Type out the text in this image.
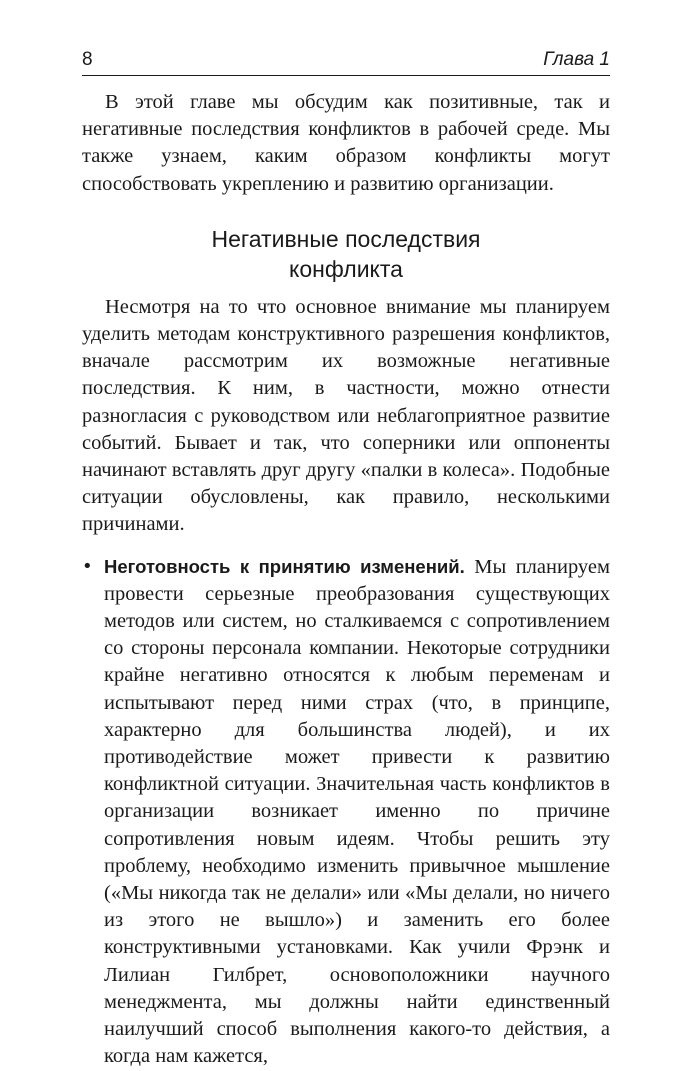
8	Глава 1

В этой главе мы обсудим как позитивные, так и негативные последствия конфликтов в рабочей среде. Мы также узнаем, каким образом конфликты могут способствовать укреплению и развитию организации.

Негативные последствия
конфликта

Несмотря на то что основное внимание мы планируем уделить методам конструктивного разрешения конфликтов, вначале рассмотрим их возможные негативные последствия. К ним, в частности, можно отнести разногласия с руководством или неблагоприятное развитие событий. Бывает и так, что соперники или оппоненты начинают вставлять друг другу «палки в колеса». Подобные ситуации обусловлены, как правило, несколькими причинами.

• Неготовность к принятию изменений. Мы планируем провести серьезные преобразования существующих методов или систем, но сталкиваемся с сопротивлением со стороны персонала компании. Некоторые сотрудники крайне негативно относятся к любым переменам и испытывают перед ними страх (что, в принципе, характерно для большинства людей), и их противодействие может привести к развитию конфликтной ситуации. Значительная часть конфликтов в организации возникает именно по причине сопротивления новым идеям. Чтобы решить эту проблему, необходимо изменить привычное мышление («Мы никогда так не делали» или «Мы делали, но ничего из этого не вышло») и заменить его более конструктивными установками. Как учили Фрэнк и Лилиан Гилбрет, основоположники научного менеджмента, мы должны найти единственный наилучший способ выполнения какого-то действия, а когда нам кажется,
